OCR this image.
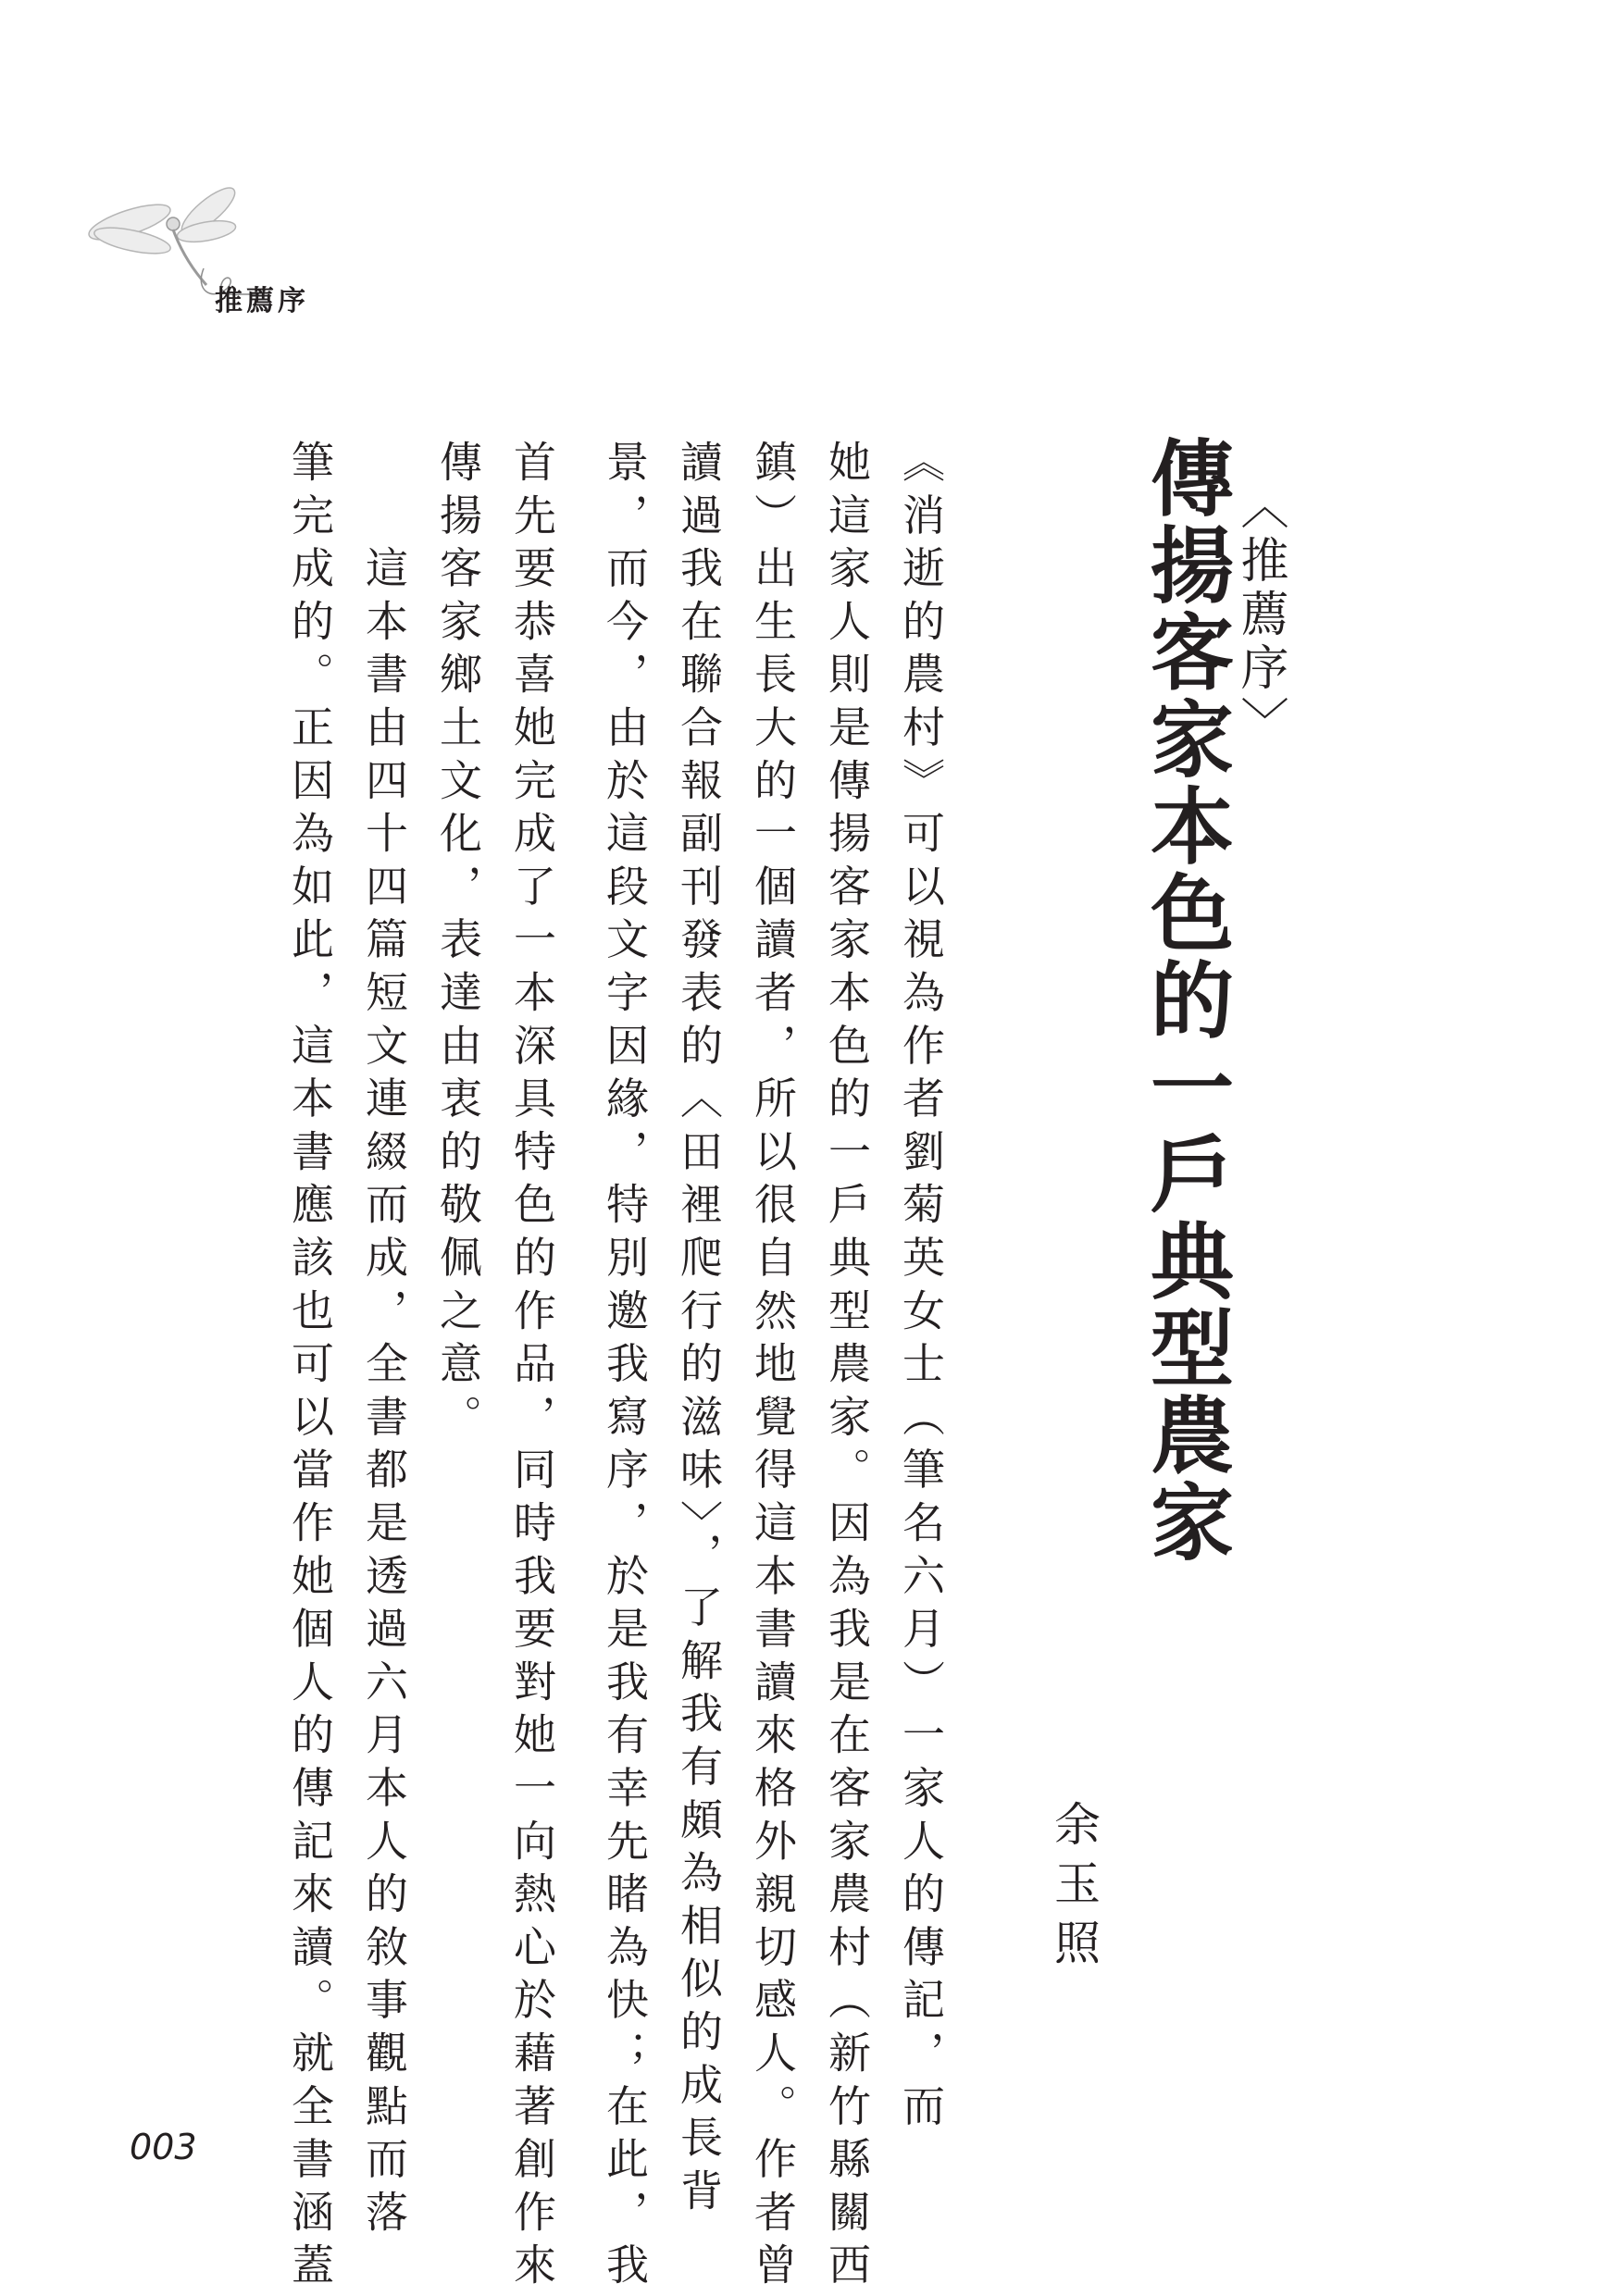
推薦序
〈推薦序〉
傳揚客家本色的一戶典型農家
余玉照
《消逝的農村》可以視為作者劉菊英女士（筆名六月）一家人的傳記，而
她這家人則是傳揚客家本色的一戶典型農家。因為我是在客家農村（新竹縣關西
鎮）出生長大的一個讀者，所以很自然地覺得這本書讀來格外親切感人。作者曾
讀過我在聯合報副刊發表的〈田裡爬行的滋味〉，了解我有頗為相似的成長背
景，而今，由於這段文字因緣，特別邀我寫序，於是我有幸先睹為快；在此，我
首先要恭喜她完成了一本深具特色的作品，同時我要對她一向熱心於藉著創作來
傳揚客家鄉土文化，表達由衷的敬佩之意。
　　這本書由四十四篇短文連綴而成，全書都是透過六月本人的敘事觀點而落
筆完成的。正因為如此，這本書應該也可以當作她個人的傳記來讀。就全書涵蓋
003
